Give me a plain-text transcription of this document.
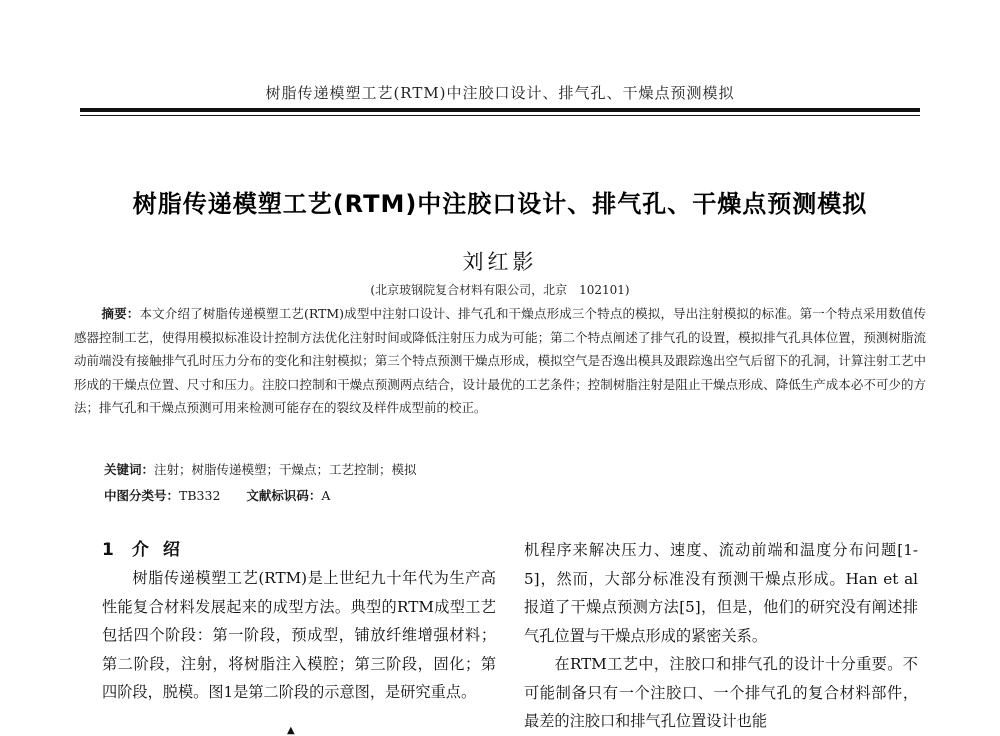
树脂传递模塑工艺(RTM)中注胶口设计、排气孔、干燥点预测模拟
树脂传递模塑工艺(RTM)中注胶口设计、排气孔、干燥点预测模拟
刘红影
(北京玻钢院复合材料有限公司，北京　102101)
摘要：本文介绍了树脂传递模塑工艺(RTM)成型中注射口设计、排气孔和干燥点形成三个特点的模拟，导出注射模拟的标准。第一个特点采用数值传感器控制工艺，使得用模拟标准设计控制方法优化注射时间或降低注射压力成为可能；第二个特点阐述了排气孔的设置，模拟排气孔具体位置，预测树脂流动前端没有接触排气孔时压力分布的变化和注射模拟；第三个特点预测干燥点形成，模拟空气是否逸出模具及跟踪逸出空气后留下的孔洞，计算注射工艺中形成的干燥点位置、尺寸和压力。注胶口控制和干燥点预测两点结合，设计最优的工艺条件；控制树脂注射是阻止干燥点形成、降低生产成本必不可少的方法；排气孔和干燥点预测可用来检测可能存在的裂纹及样件成型前的校正。
关键词：注射；树脂传递模塑；干燥点；工艺控制；模拟
中图分类号：TB332 文献标识码：A
1 介绍

树脂传递模塑工艺(RTM)是上世纪九十年代为生产高性能复合材料发展起来的成型方法。典型的RTM成型工艺包括四个阶段：第一阶段，预成型，铺放纤维增强材料；第二阶段，注射，将树脂注入模腔；第三阶段，固化；第四阶段，脱模。图1是第二阶段的示意图，是研究重点。

机程序来解决压力、速度、流动前端和温度分布问题[1-5]，然而，大部分标准没有预测干燥点形成。Han et al 报道了干燥点预测方法[5]，但是，他们的研究没有阐述排气孔位置与干燥点形成的紧密关系。

在RTM工艺中，注胶口和排气孔的设计十分重要。不可能制备只有一个注胶口、一个排气孔的复合材料部件，最差的注胶口和排气孔位置设计也能

▲
